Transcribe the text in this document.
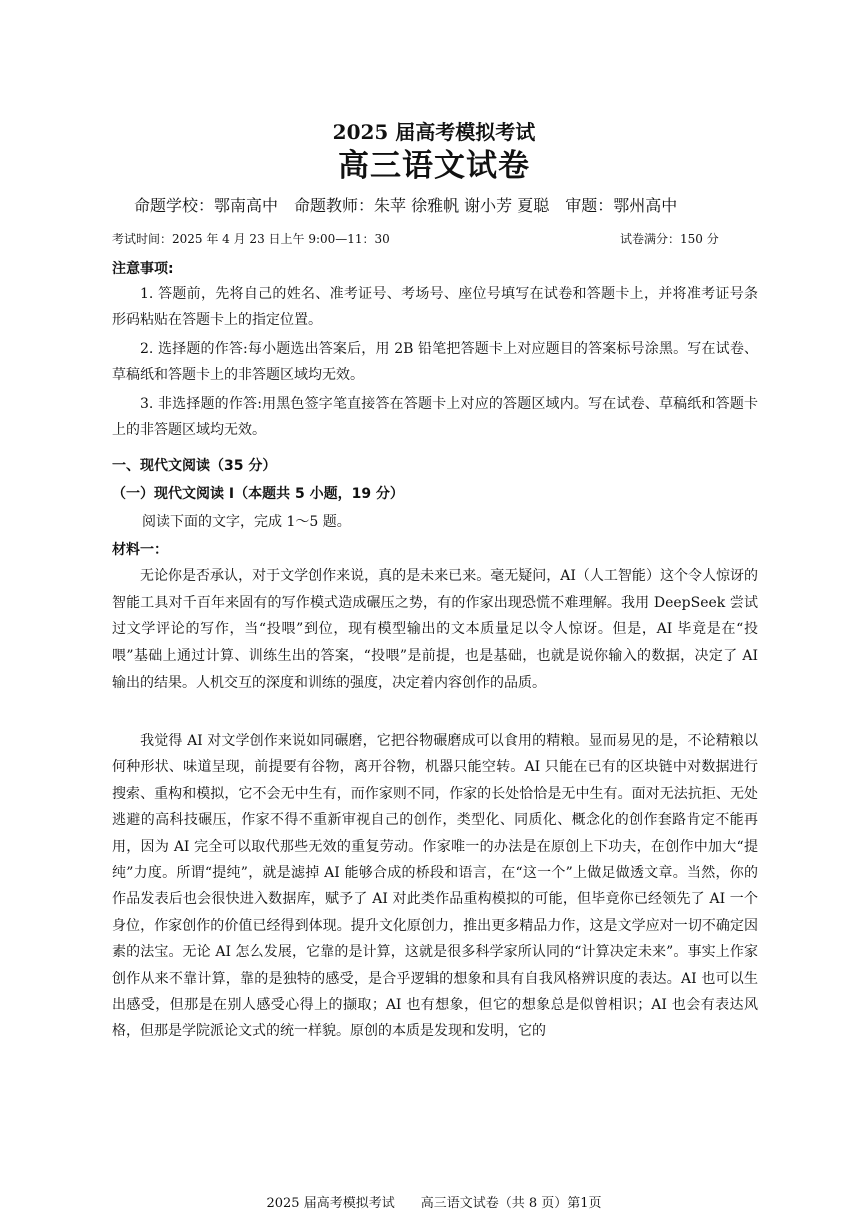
2025 届高考模拟考试
高三语文试卷
命题学校：鄂南高中　命题教师：朱苹 徐雅帆 谢小芳 夏聪　审题：鄂州高中
考试时间：2025 年 4 月 23 日上午 9:00—11：30	试卷满分：150 分
注意事项:
1. 答题前，先将自己的姓名、准考证号、考场号、座位号填写在试卷和答题卡上，并将准考证号条形码粘贴在答题卡上的指定位置。
2. 选择题的作答:每小题选出答案后，用 2B 铅笔把答题卡上对应题目的答案标号涂黑。写在试卷、草稿纸和答题卡上的非答题区域均无效。
3. 非选择题的作答:用黑色签字笔直接答在答题卡上对应的答题区域内。写在试卷、草稿纸和答题卡上的非答题区域均无效。
一、现代文阅读（35 分）
（一）现代文阅读 I（本题共 5 小题，19 分）
阅读下面的文字，完成 1～5 题。
材料一：
无论你是否承认，对于文学创作来说，真的是未来已来。毫无疑问，AI（人工智能）这个令人惊讶的智能工具对千百年来固有的写作模式造成碾压之势，有的作家出现恐慌不难理解。我用 DeepSeek 尝试过文学评论的写作，当“投喂”到位，现有模型输出的文本质量足以令人惊讶。但是，AI 毕竟是在“投喂”基础上通过计算、训练生出的答案，“投喂”是前提，也是基础，也就是说你输入的数据，决定了 AI 输出的结果。人机交互的深度和训练的强度，决定着内容创作的品质。
我觉得 AI 对文学创作来说如同碾磨，它把谷物碾磨成可以食用的精粮。显而易见的是，不论精粮以何种形状、味道呈现，前提要有谷物，离开谷物，机器只能空转。AI 只能在已有的区块链中对数据进行搜索、重构和模拟，它不会无中生有，而作家则不同，作家的长处恰恰是无中生有。面对无法抗拒、无处逃避的高科技碾压，作家不得不重新审视自己的创作，类型化、同质化、概念化的创作套路肯定不能再用，因为 AI 完全可以取代那些无效的重复劳动。作家唯一的办法是在原创上下功夫，在创作中加大“提纯”力度。所谓“提纯”，就是滤掉 AI 能够合成的桥段和语言，在“这一个”上做足做透文章。当然，你的作品发表后也会很快进入数据库，赋予了 AI 对此类作品重构模拟的可能，但毕竟你已经领先了 AI 一个身位，作家创作的价值已经得到体现。提升文化原创力，推出更多精品力作，这是文学应对一切不确定因素的法宝。无论 AI 怎么发展，它靠的是计算，这就是很多科学家所认同的“计算决定未来”。事实上作家创作从来不靠计算，靠的是独特的感受，是合乎逻辑的想象和具有自我风格辨识度的表达。AI 也可以生出感受，但那是在别人感受心得上的撷取；AI 也有想象，但它的想象总是似曾相识；AI 也会有表达风格，但那是学院派论文式的统一样貌。原创的本质是发现和发明，它的
2025 届高考模拟考试　　高三语文试卷（共 8 页）第1页
